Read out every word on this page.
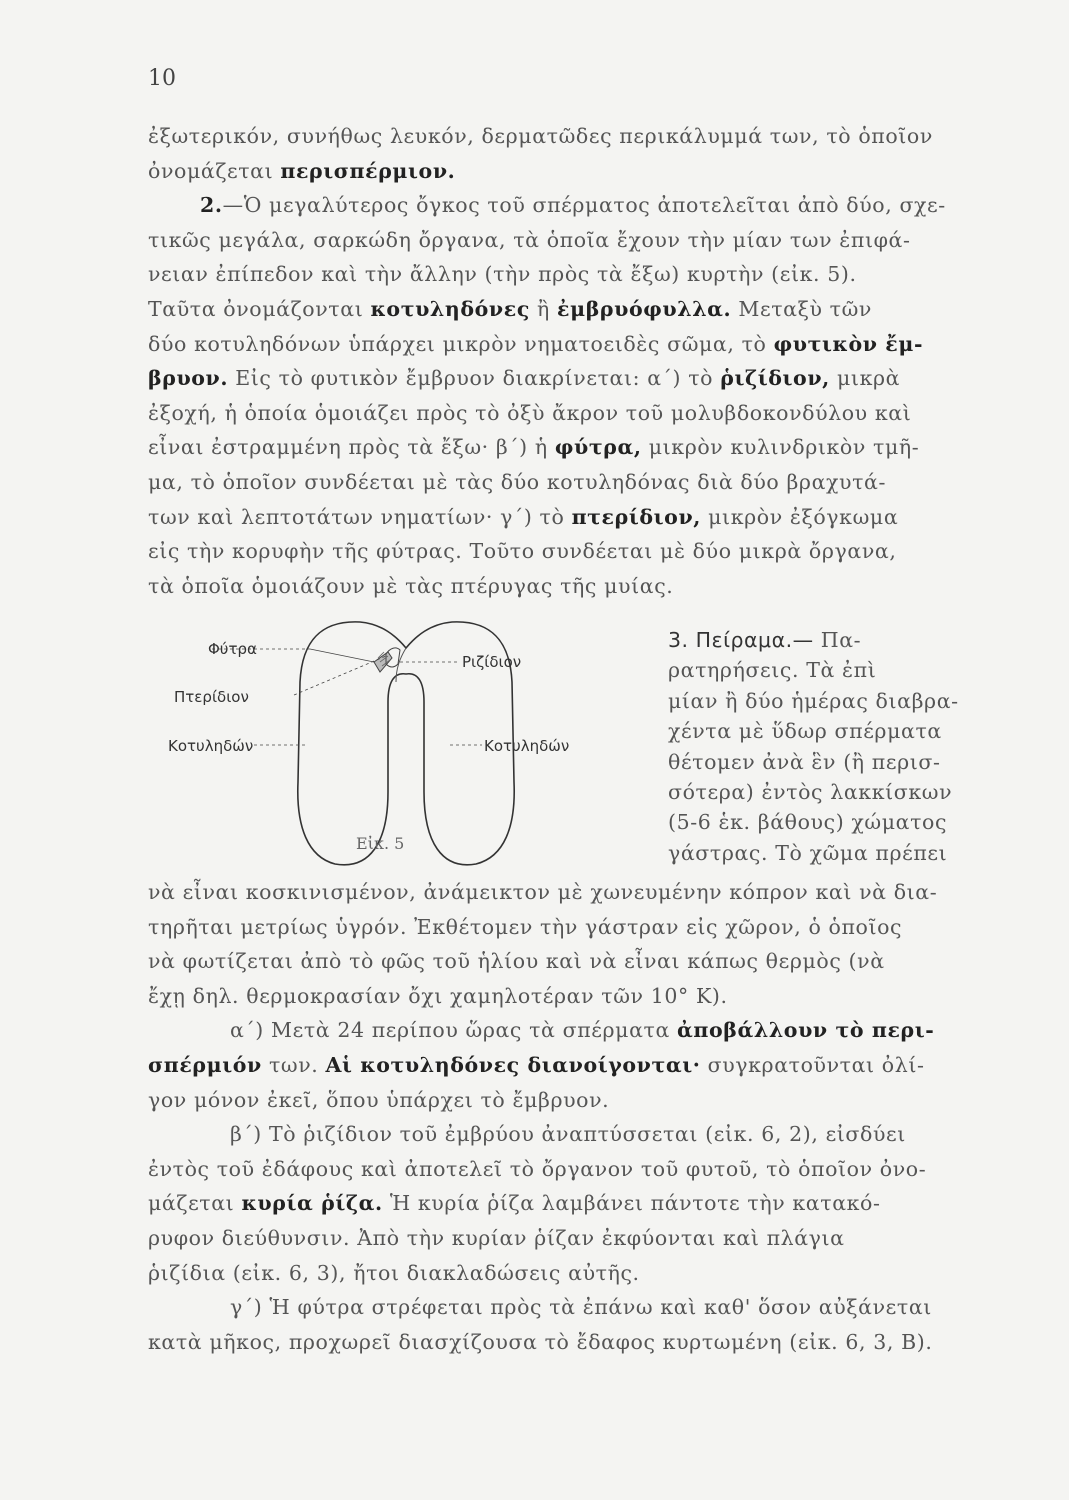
10
ἐξωτερικόν, συνήθως λευκόν, δερματῶδες περικάλυμμά των, τὸ ὁποῖον
ὀνομάζεται περισπέρμιον.
2.—Ὁ μεγαλύτερος ὄγκος τοῦ σπέρματος ἀποτελεῖται ἀπὸ δύο, σχε-
τικῶς μεγάλα, σαρκώδη ὄργανα, τὰ ὁποῖα ἔχουν τὴν μίαν των ἐπιφά-
νειαν ἐπίπεδον καὶ τὴν ἄλλην (τὴν πρὸς τὰ ἔξω) κυρτὴν (εἰκ. 5).
Ταῦτα ὀνομάζονται κοτυληδόνες ἢ ἐμβρυόφυλλα. Μεταξὺ τῶν
δύο κοτυληδόνων ὑπάρχει μικρὸν νηματοειδὲς σῶμα, τὸ φυτικὸν ἔμ-
βρυον. Εἰς τὸ φυτικὸν ἔμβρυον διακρίνεται: α΄) τὸ ῥιζίδιον, μικρὰ
ἐξοχή, ἡ ὁποία ὁμοιάζει πρὸς τὸ ὀξὺ ἄκρον τοῦ μολυβδοκονδύλου καὶ
εἶναι ἐστραμμένη πρὸς τὰ ἔξω· β΄) ἡ φύτρα, μικρὸν κυλινδρικὸν τμῆ-
μα, τὸ ὁποῖον συνδέεται μὲ τὰς δύο κοτυληδόνας διὰ δύο βραχυτά-
των καὶ λεπτοτάτων νηματίων· γ΄) τὸ πτερίδιον, μικρὸν ἐξόγκωμα
εἰς τὴν κορυφὴν τῆς φύτρας. Τοῦτο συνδέεται μὲ δύο μικρὰ ὄργανα,
τὰ ὁποῖα ὁμοιάζουν μὲ τὰς πτέρυγας τῆς μυίας.
3. Πείραμα.— Πα-
ρατηρήσεις. Τὰ ἐπὶ
μίαν ἢ δύο ἡμέρας διαβρα-
χέντα μὲ ὕδωρ σπέρματα
θέτομεν ἀνὰ ἓν (ἢ περισ-
σότερα) ἐντὸς λακκίσκων
(5-6 ἑκ. βάθους) χώματος
γάστρας. Τὸ χῶμα πρέπει
νὰ εἶναι κοσκινισμένον, ἀνάμεικτον μὲ χωνευμένην κόπρον καὶ νὰ δια-
τηρῆται μετρίως ὑγρόν. Ἐκθέτομεν τὴν γάστραν εἰς χῶρον, ὁ ὁποῖος
νὰ φωτίζεται ἀπὸ τὸ φῶς τοῦ ἡλίου καὶ νὰ εἶναι κάπως θερμὸς (νὰ
ἔχῃ δηλ. θερμοκρασίαν ὄχι χαμηλοτέραν τῶν 10° Κ).
α΄) Μετὰ 24 περίπου ὥρας τὰ σπέρματα ἀποβάλλουν τὸ περι-
σπέρμιόν των. Αἱ κοτυληδόνες διανοίγονται· συγκρατοῦνται ὀλί-
γον μόνον ἐκεῖ, ὅπου ὑπάρχει τὸ ἔμβρυον.
β΄) Τὸ ῥιζίδιον τοῦ ἐμβρύου ἀναπτύσσεται (εἰκ. 6, 2), εἰσδύει
ἐντὸς τοῦ ἐδάφους καὶ ἀποτελεῖ τὸ ὄργανον τοῦ φυτοῦ, τὸ ὁποῖον ὀνο-
μάζεται κυρία ῥίζα. Ἡ κυρία ῥίζα λαμβάνει πάντοτε τὴν κατακό-
ρυφον διεύθυνσιν. Ἀπὸ τὴν κυρίαν ῥίζαν ἐκφύονται καὶ πλάγια
ῥιζίδια (εἰκ. 6, 3), ἤτοι διακλαδώσεις αὐτῆς.
γ΄) Ἡ φύτρα στρέφεται πρὸς τὰ ἐπάνω καὶ καθ' ὅσον αὐξάνεται
κατὰ μῆκος, προχωρεῖ διασχίζουσα τὸ ἔδαφος κυρτωμένη (εἰκ. 6, 3, Β).
Φύτρα
Πτερίδιον
Κοτυληδών
Ριζίδιον
Κοτυληδών
Εἰκ. 5
